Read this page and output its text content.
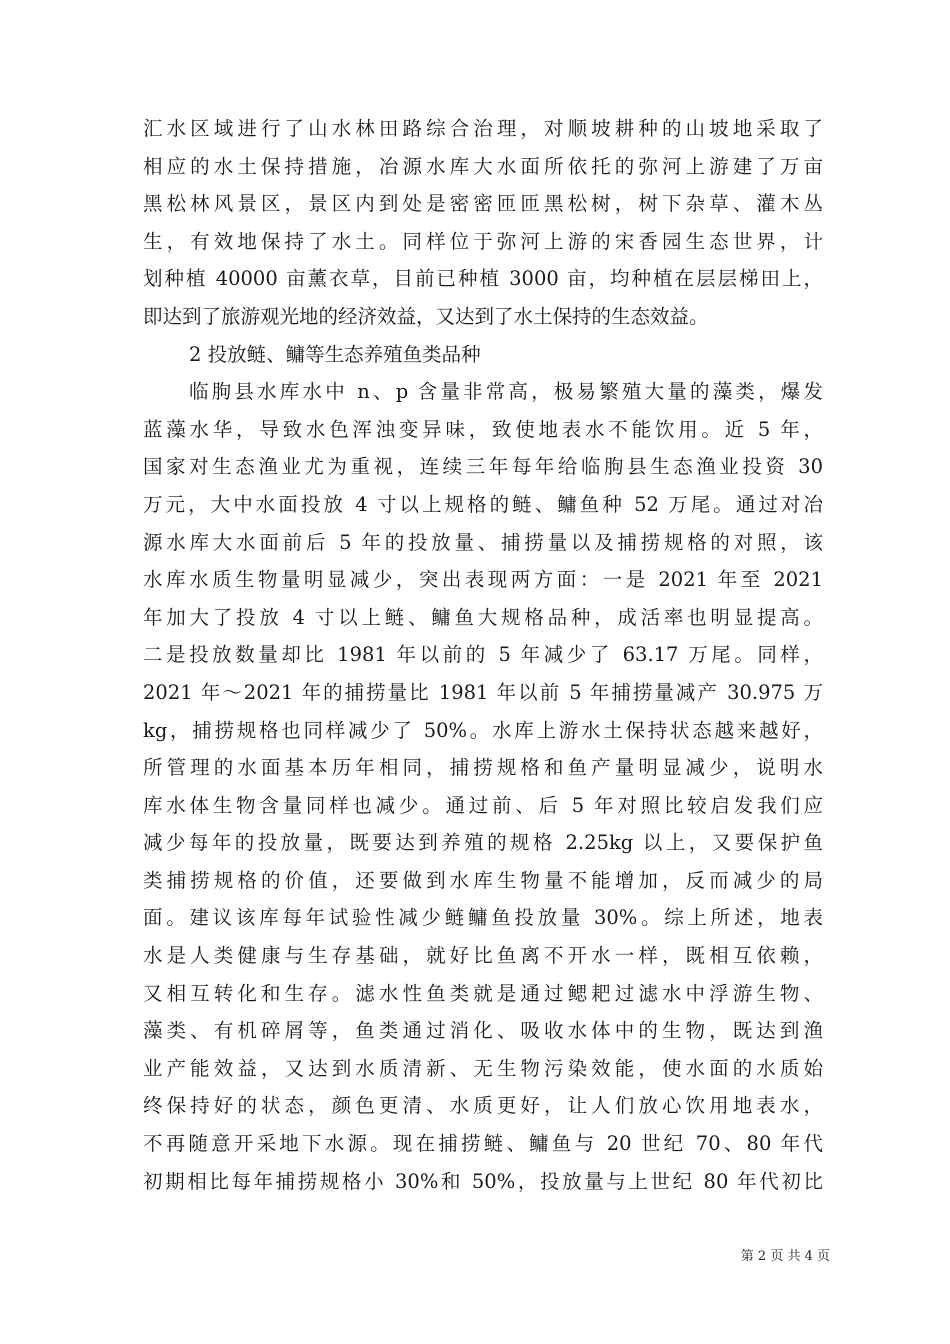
汇水区域进行了山水林田路综合治理，对顺坡耕种的山坡地采取了
相应的水土保持措施，冶源水库大水面所依托的弥河上游建了万亩
黑松林风景区，景区内到处是密密匝匝黑松树，树下杂草、灌木丛
生，有效地保持了水土。同样位于弥河上游的宋香园生态世界，计
划种植 40000 亩薰衣草，目前已种植 3000 亩，均种植在层层梯田上，
即达到了旅游观光地的经济效益，又达到了水土保持的生态效益。
2 投放鲢、鳙等生态养殖鱼类品种
临朐县水库水中 n、p 含量非常高，极易繁殖大量的藻类，爆发
蓝藻水华，导致水色浑浊变异味，致使地表水不能饮用。近 5 年，
国家对生态渔业尤为重视，连续三年每年给临朐县生态渔业投资 30
万元，大中水面投放 4 寸以上规格的鲢、鳙鱼种 52 万尾。通过对冶
源水库大水面前后 5 年的投放量、捕捞量以及捕捞规格的对照，该
水库水质生物量明显减少，突出表现两方面：一是 2021 年至 2021
年加大了投放 4 寸以上鲢、鳙鱼大规格品种，成活率也明显提高。
二是投放数量却比 1981 年以前的 5 年减少了 63.17 万尾。同样，
2021 年～2021 年的捕捞量比 1981 年以前 5 年捕捞量减产 30.975 万
kg，捕捞规格也同样减少了 50%。水库上游水土保持状态越来越好，
所管理的水面基本历年相同，捕捞规格和鱼产量明显减少，说明水
库水体生物含量同样也减少。通过前、后 5 年对照比较启发我们应
减少每年的投放量，既要达到养殖的规格 2.25kg 以上，又要保护鱼
类捕捞规格的价值，还要做到水库生物量不能增加，反而减少的局
面。建议该库每年试验性减少鲢鳙鱼投放量 30%。综上所述，地表
水是人类健康与生存基础，就好比鱼离不开水一样，既相互依赖，
又相互转化和生存。滤水性鱼类就是通过鳃耙过滤水中浮游生物、
藻类、有机碎屑等，鱼类通过消化、吸收水体中的生物，既达到渔
业产能效益，又达到水质清新、无生物污染效能，使水面的水质始
终保持好的状态，颜色更清、水质更好，让人们放心饮用地表水，
不再随意开采地下水源。现在捕捞鲢、鳙鱼与 20 世纪 70、80 年代
初期相比每年捕捞规格小 30%和 50%，投放量与上世纪 80 年代初比
第 2 页 共 4 页
